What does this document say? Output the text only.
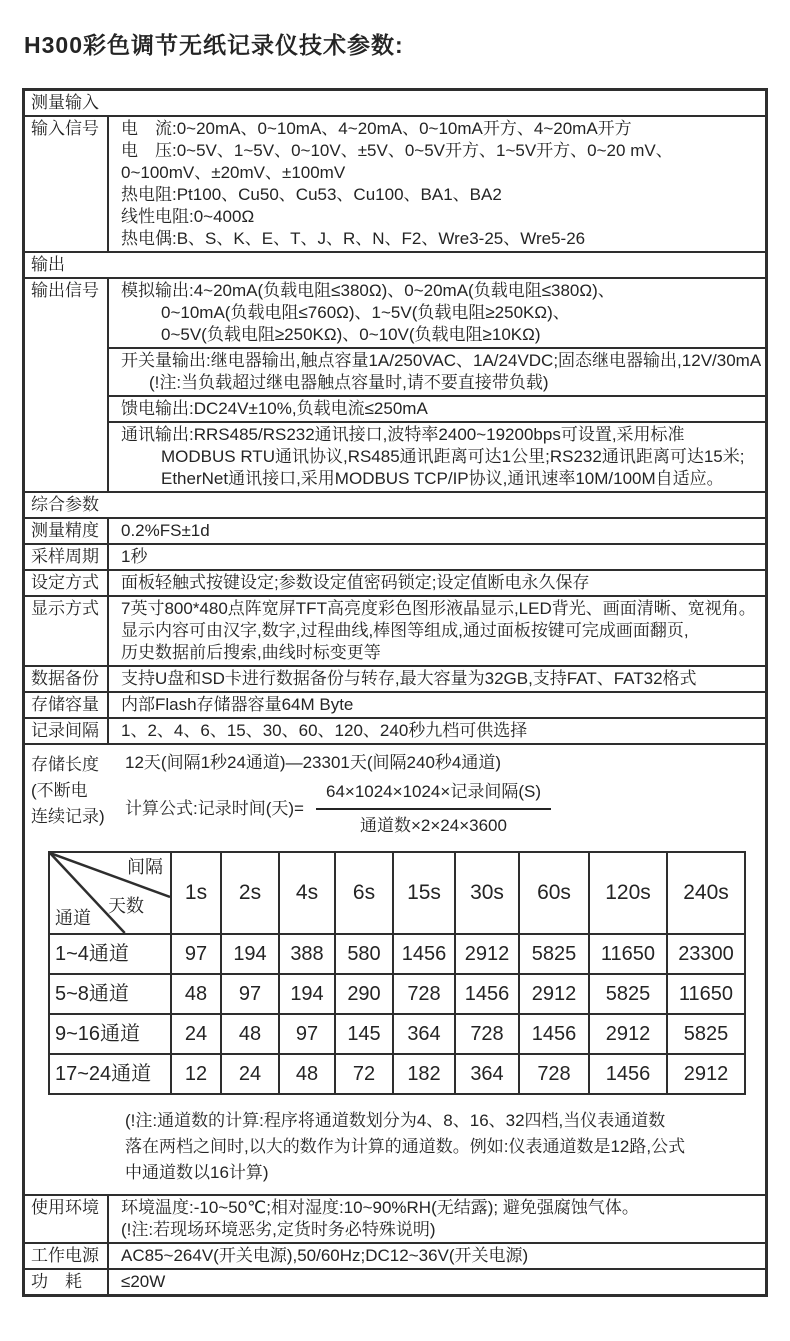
H300彩色调节无纸记录仪技术参数:
测量输入
输入信号	电　流:0~20mA、0~10mA、4~20mA、0~10mA开方、4~20mA开方
电　压:0~5V、1~5V、0~10V、±5V、0~5V开方、1~5V开方、0~20 mV、
0~100mV、±20mV、±100mV
热电阻:Pt100、Cu50、Cu53、Cu100、BA1、BA2
线性电阻:0~400Ω
热电偶:B、S、K、E、T、J、R、N、F2、Wre3-25、Wre5-26
输出
输出信号	模拟输出:4~20mA(负载电阻≤380Ω)、0~20mA(负载电阻≤380Ω)、
0~10mA(负载电阻≤760Ω)、1~5V(负载电阻≥250KΩ)、
0~5V(负载电阻≥250KΩ)、0~10V(负载电阻≥10KΩ)
开关量输出:继电器输出,触点容量1A/250VAC、1A/24VDC;固态继电器输出,12V/30mA
(!注:当负载超过继电器触点容量时,请不要直接带负载)
馈电输出:DC24V±10%,负载电流≤250mA
通讯输出:RRS485/RS232通讯接口,波特率2400~19200bps可设置,采用标准
MODBUS RTU通讯协议,RS485通讯距离可达1公里;RS232通讯距离可达15米;
EtherNet通讯接口,采用MODBUS TCP/IP协议,通讯速率10M/100M自适应。
综合参数
测量精度	0.2%FS±1d
采样周期	1秒
设定方式	面板轻触式按键设定;参数设定值密码锁定;设定值断电永久保存
显示方式	7英寸800*480点阵宽屏TFT高亮度彩色图形液晶显示,LED背光、画面清晰、宽视角。
显示内容可由汉字,数字,过程曲线,棒图等组成,通过面板按键可完成画面翻页,
历史数据前后搜索,曲线时标变更等
数据备份	支持U盘和SD卡进行数据备份与转存,最大容量为32GB,支持FAT、FAT32格式
存储容量	内部Flash存储器容量64M Byte
记录间隔	1、2、4、6、15、30、60、120、240秒九档可供选择
存储长度
(不断电
连续记录)
12天(间隔1秒24通道)—23301天(间隔240秒4通道)
计算公式:记录时间(天)= $\frac{\text{64×1024×1024×记录间隔(S)}}{\text{通道数×2×24×3600}}$
间隔
天数
通道	1s	2s	4s	6s	15s	30s	60s	120s	240s
1~4通道	97	194	388	580	1456	2912	5825	11650	23300
5~8通道	48	97	194	290	728	1456	2912	5825	11650
9~16通道	24	48	97	145	364	728	1456	2912	5825
17~24通道	12	24	48	72	182	364	728	1456	2912
(!注:通道数的计算:程序将通道数划分为4、8、16、32四档,当仪表通道数
落在两档之间时,以大的数作为计算的通道数。例如:仪表通道数是12路,公式
中通道数以16计算)
使用环境	环境温度:-10~50℃;相对湿度:10~90%RH(无结露); 避免强腐蚀气体。
(!注:若现场环境恶劣,定货时务必特殊说明)
工作电源	AC85~264V(开关电源),50/60Hz;DC12~36V(开关电源)
功　耗	≤20W
